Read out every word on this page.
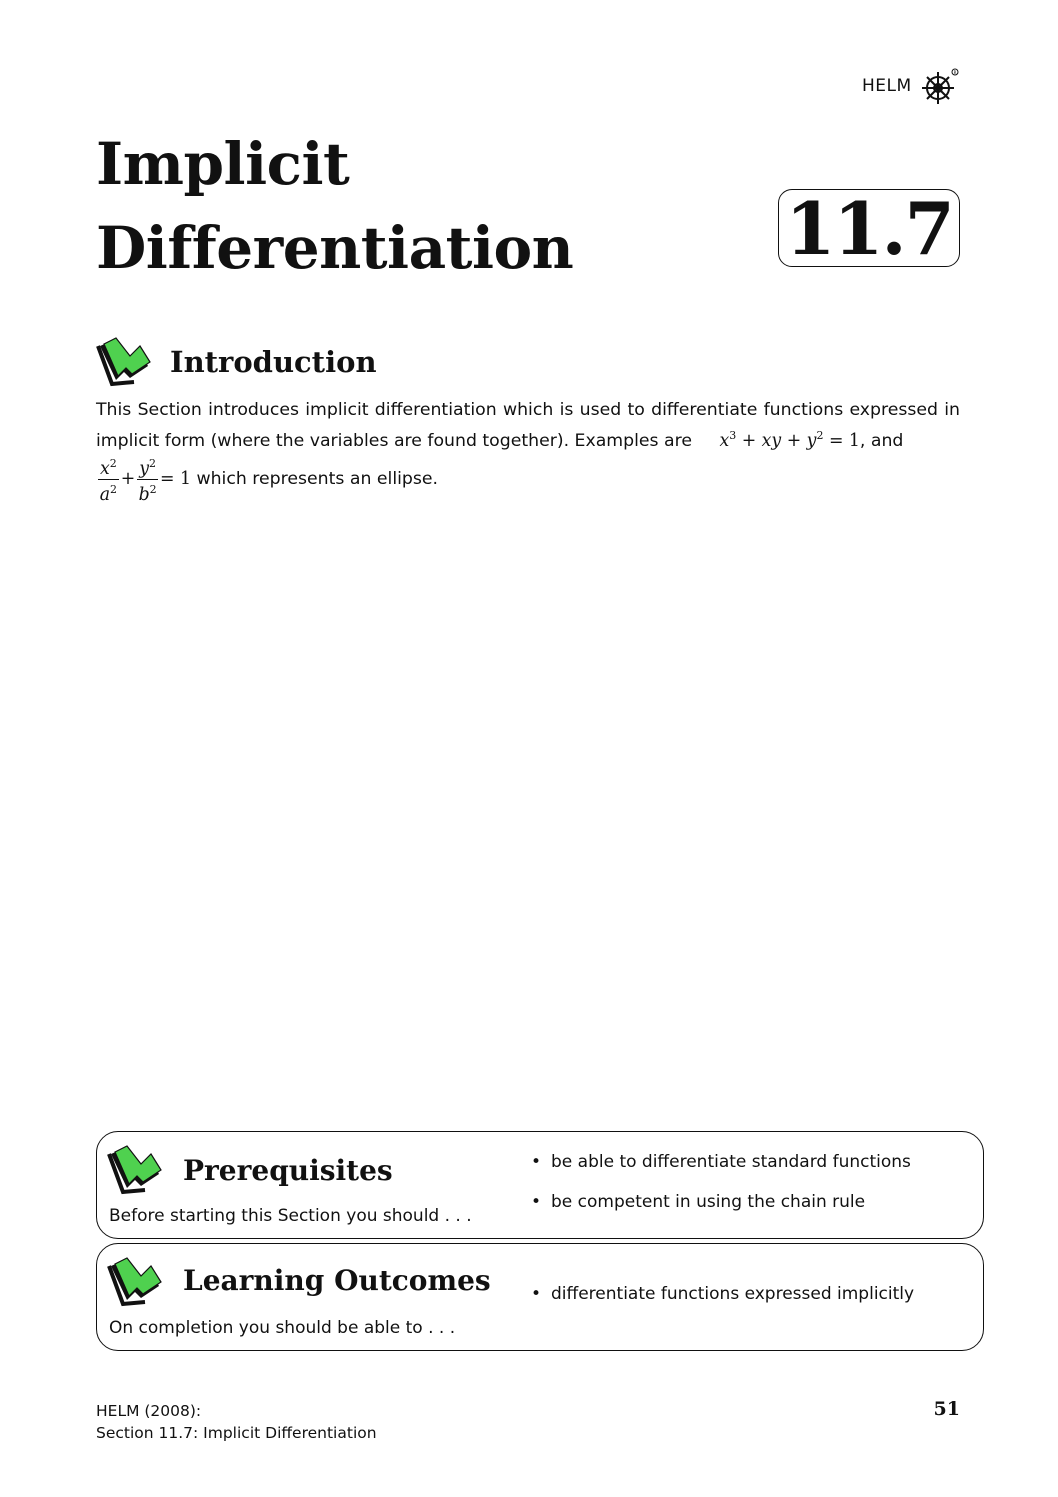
HELM
R
Implicit
Differentiation	11.7
Introduction
This Section introduces implicit differentiation which is used to differentiate functions expressed in implicit form (where the variables are found together). Examples are     $x^3$ + xy + $y^2 = 1$, and

$\frac{x^2}{a^2} + \frac{y^2}{b^2} = 1$ which represents an ellipse.
Prerequisites
Before starting this Section you should . . .
• be able to differentiate standard functions
• be competent in using the chain rule
Learning Outcomes
On completion you should be able to . . .
• differentiate functions expressed implicitly
HELM (2008):
Section 11.7: Implicit Differentiation
51
